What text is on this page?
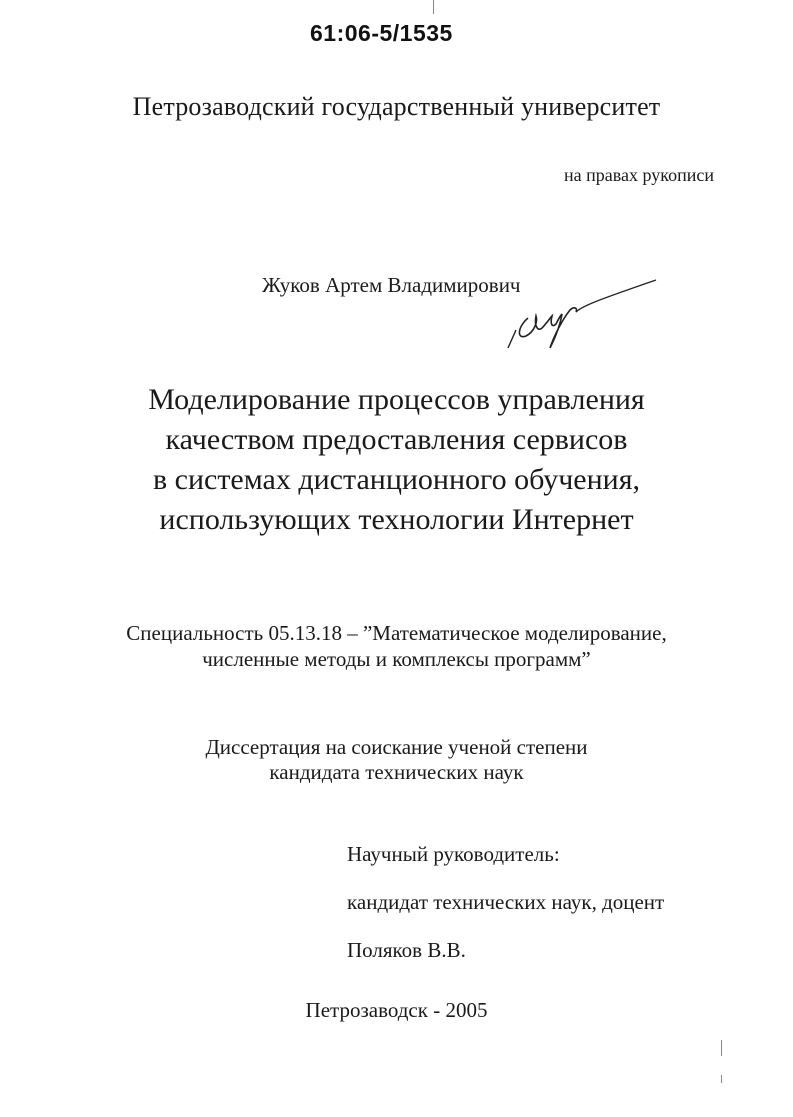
61:06-5/1535
Петрозаводский государственный университет
на правах рукописи
Жуков Артем Владимирович
Моделирование процессов управления
качеством предоставления сервисов
в системах дистанционного обучения,
использующих технологии Интернет
Специальность 05.13.18 – ”Математическое моделирование,
численные методы и комплексы программ”
Диссертация на соискание ученой степени
кандидата технических наук
Научный руководитель:
кандидат технических наук, доцент
Поляков В.В.
Петрозаводск - 2005
